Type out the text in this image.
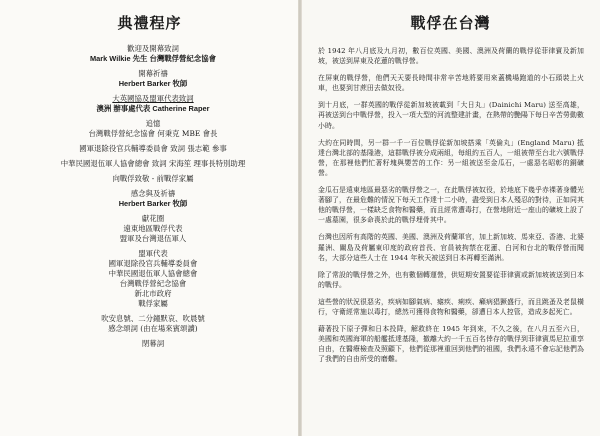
典禮程序
歡迎及開幕致詞
Mark Wilkie 先生 台灣戰俘營紀念協會
開幕祈禱
Herbert Barker 牧師
大英國協及盟軍代表致詞
澳洲 辦事處代表 Catherine Raper
追憶
台灣戰俘營紀念協會 何秉克 MBE 會長
國軍退除役官兵輔導委員會 致詞 張志範 參事
中華民國退伍軍人協會總會 致詞 宋海笙 理事長特別助理
向戰俘致敬 - 前戰俘家屬
感念與及祈禱
Herbert Barker 牧師
獻花圈
遠東地區戰俘代表
盟軍及台灣退伍軍人
盟軍代表
國軍退除役官兵輔導委員會
中華民國退伍軍人協會總會
台灣戰俘營紀念協會
新北市政府
戰俘家屬
吹安息號、二分鐘默哀、吹晨號
感念頌詞 (由在場來賓頌讀)
閉幕詞
戰俘在台灣

於 1942 年八月底及九月初，數百位英國、美國、澳洲及荷蘭的戰俘從菲律賓及新加坡，被送到屏東及花蓮的戰俘營。

在屏東的戰俘營，他們天天要長時間非常辛苦地將要用來蓋機場跑道的小石頭裝上火車，也要到甘蔗田去做奴役。

到十月底，一群英國的戰俘從新加坡被載到「大日丸」(Dainichi Maru) 送至高雄，再被送到台中戰俘營，投入一項大型的河流整建計畫，在熱帶的艷陽下每日辛苦勞動數小時。

大約在同時間，另一群一千一百位戰俘從新加坡搭乘「英倫丸」(England Maru) 抵達台灣北部的基隆港，這群戰俘被分成兩組，每組約五百人，一組被帶至台北六號戰俘營，在那裡他們忙著籽塊與嬰苦的工作：另一組被送至金瓜石，一處惡名昭彰的銅礦營。

金瓜石是遠東地區最惡劣的戰俘營之一，在此戰俘被奴役，於地底下幾乎赤裸著身體光著腳了，在最危難的情況下每天工作達十二小時，盡受到日本人殘忍的對待，正如同其他的戰俘營，一樣缺乏食物和醫藥，而且經常遭毒打，在營地附近一座山的礦坡上設了一處墓園，很多命喪於此的戰俘埋骨其中。

台灣也因所有高階的英國、美國、澳洲及荷蘭軍官，加上新加坡、馬來亞、香港、北婆羅洲、關島及荷屬東印度的政府首長、官員被拘禁在花蓮、白河和台北的戰俘營而聞名，大部分這些人士在 1944 年秋天被送到日本再轉至滿洲。

除了常設的戰俘營之外，也有數個轉運營，供短期安置要從菲律賓或新加坡被送到日本的戰俘。

這些營的狀況很惡劣，疾病如腳氣病、瘧疾、痢疾、癩病猖獗盛行，而且跳蚤及老鼠橫行，守衛經常施以毒打，總然可獲得食物和醫藥，卻遭日本人控管，造成多起死亡。

藉著投下原子彈和日本投降，解救終在 1945 年到來，不久之後，在八月五至六日，美國和英國海軍的船艦抵達基隆，撤離大約一千五百名倖存的戰俘到菲律賓馬尼拉重享自由，在醫療檢查及照顧下，他們從那裡重回到他們的祖國，我們永遠不會忘記他們為了我們的自由所受的磨難。
